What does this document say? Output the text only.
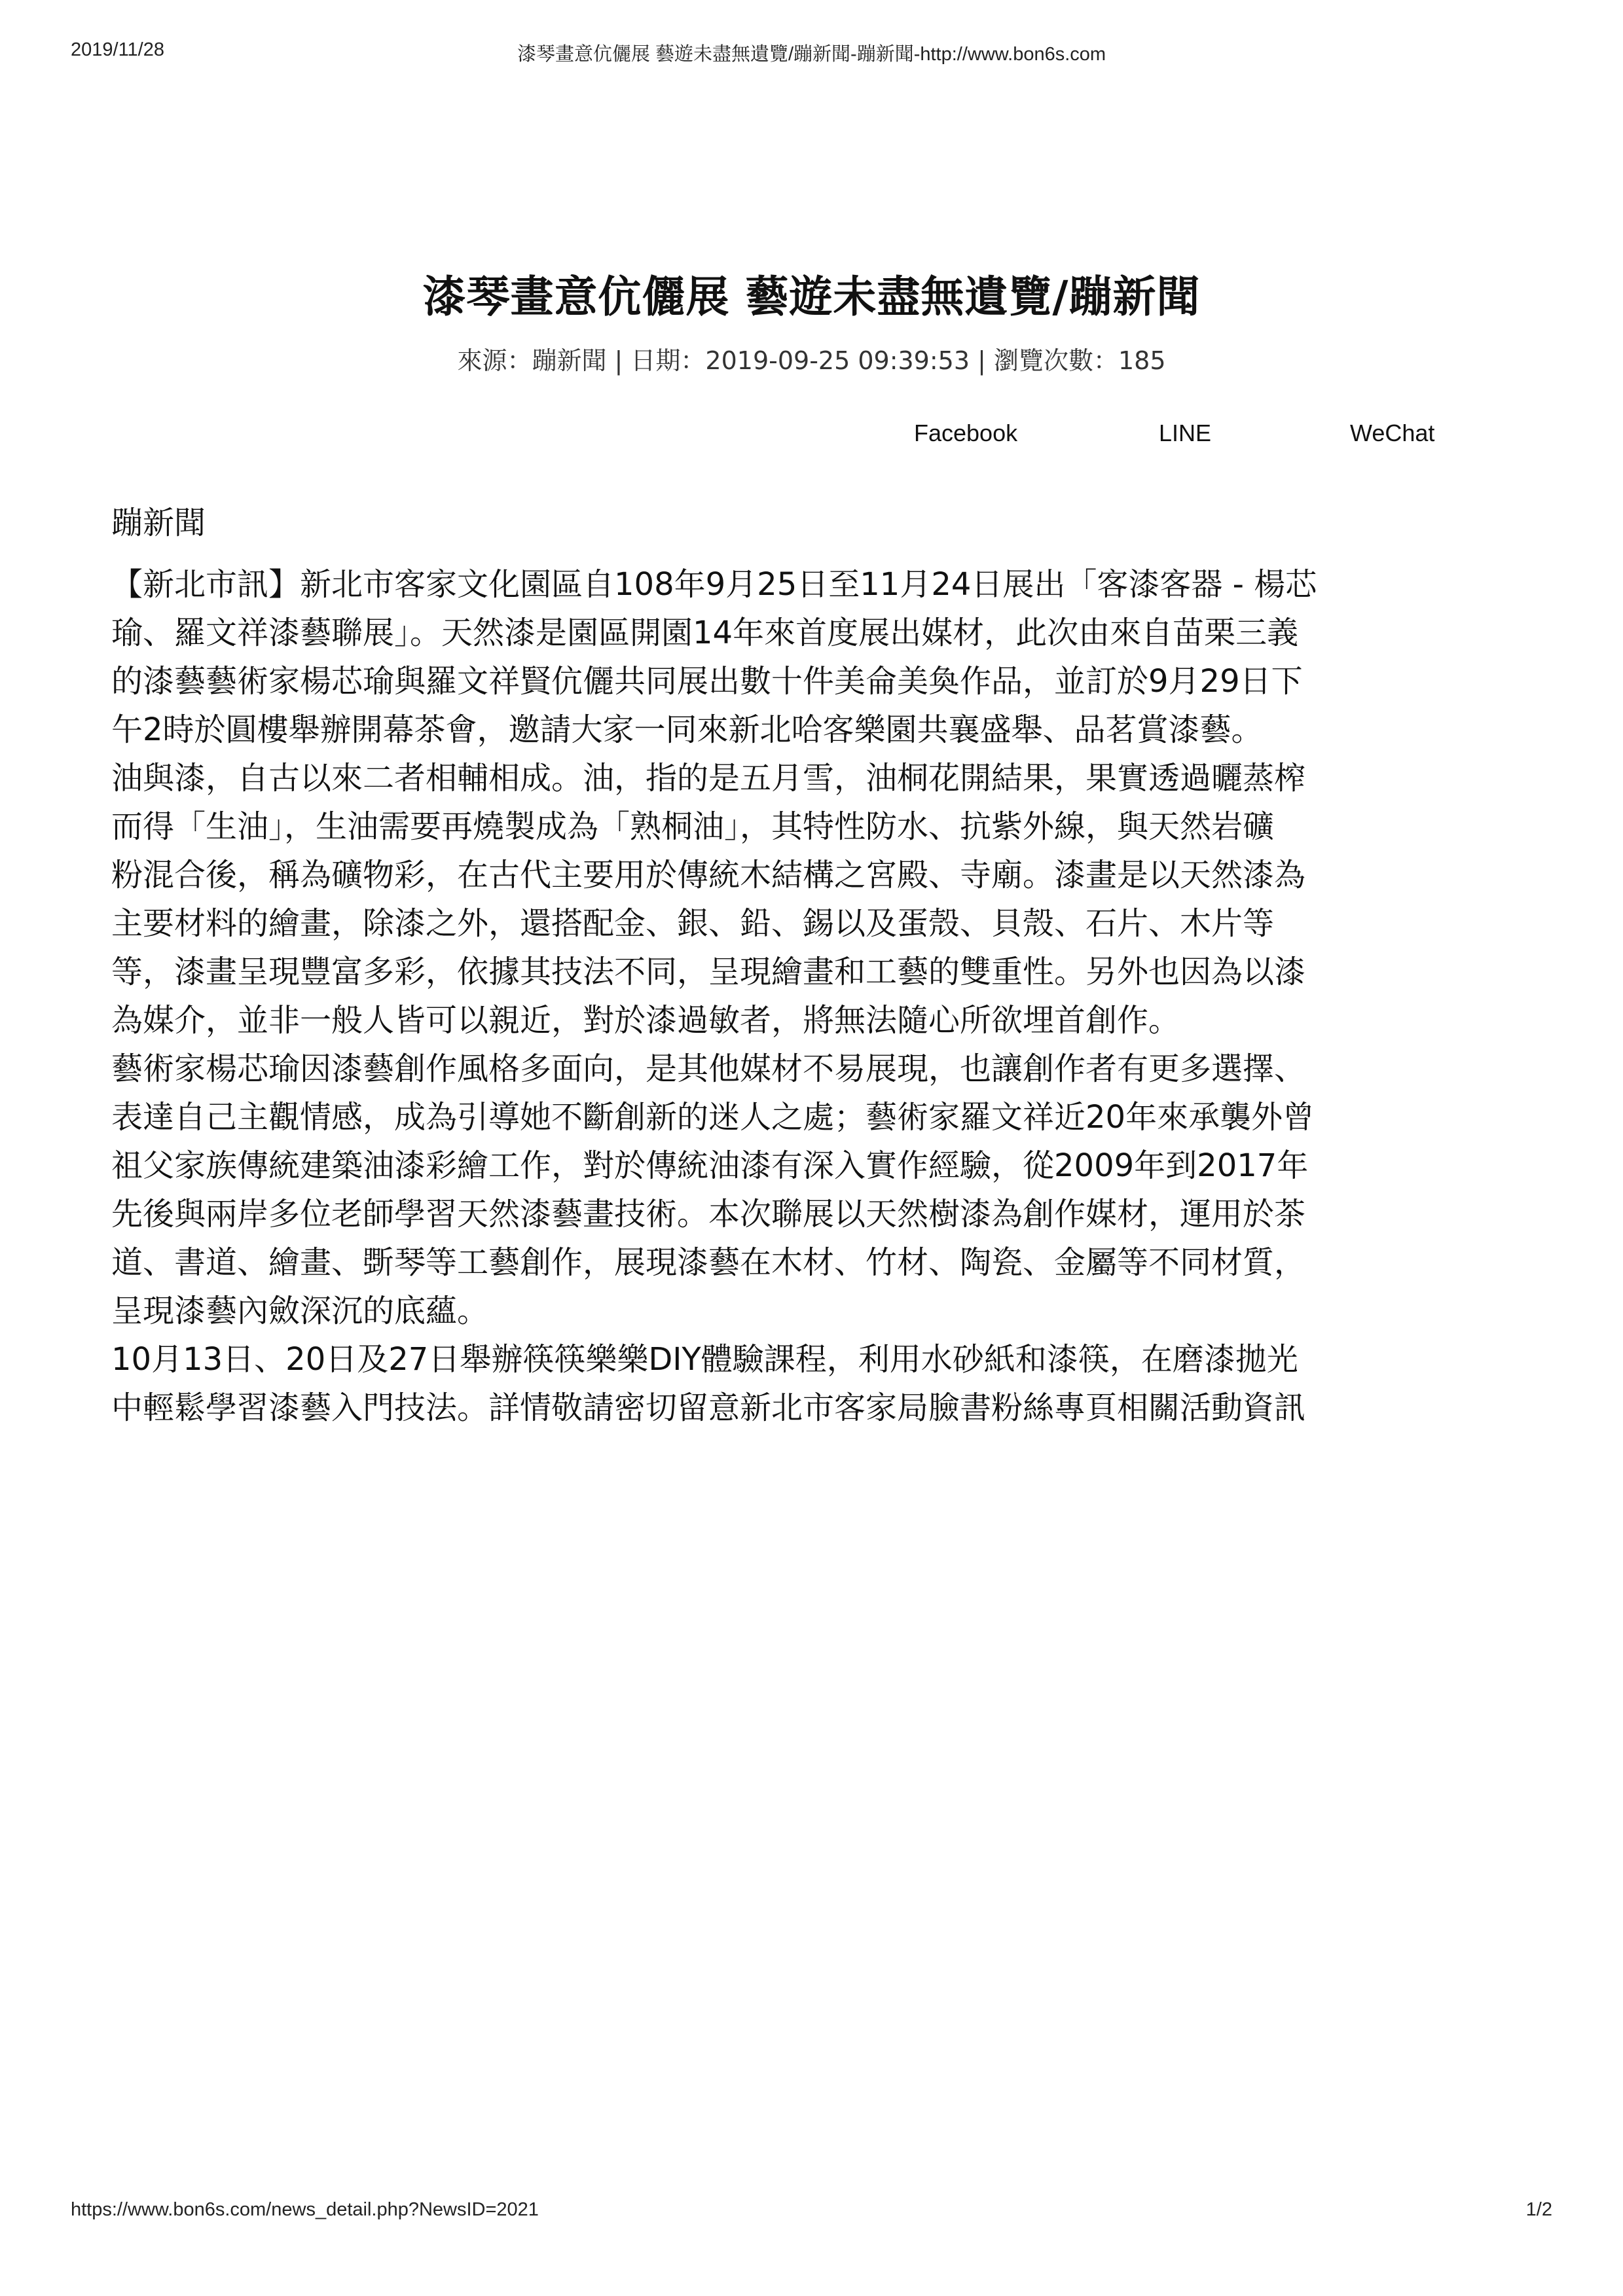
2019/11/28	漆琴畫意伉儷展 藝遊未盡無遺覽/蹦新聞-蹦新聞-http://www.bon6s.com
漆琴畫意伉儷展 藝遊未盡無遺覽/蹦新聞
來源：蹦新聞 | 日期：2019-09-25 09:39:53 | 瀏覽次數：185
Facebook	LINE	WeChat
蹦新聞
【新北市訊】新北市客家文化園區自108年9月25日至11月24日展出「客漆客器 - 楊芯
瑜、羅文祥漆藝聯展」。天然漆是園區開園14年來首度展出媒材，此次由來自苗栗三義
的漆藝藝術家楊芯瑜與羅文祥賢伉儷共同展出數十件美侖美奐作品，並訂於9月29日下
午2時於圓樓舉辦開幕茶會，邀請大家一同來新北哈客樂園共襄盛舉、品茗賞漆藝。
油與漆，自古以來二者相輔相成。油，指的是五月雪，油桐花開結果，果實透過曬蒸榨
而得「生油」，生油需要再燒製成為「熟桐油」，其特性防水、抗紫外線，與天然岩礦
粉混合後，稱為礦物彩，在古代主要用於傳統木結構之宮殿、寺廟。漆畫是以天然漆為
主要材料的繪畫，除漆之外，還搭配金、銀、鉛、錫以及蛋殼、貝殼、石片、木片等
等，漆畫呈現豐富多彩，依據其技法不同，呈現繪畫和工藝的雙重性。另外也因為以漆
為媒介，並非一般人皆可以親近，對於漆過敏者，將無法隨心所欲埋首創作。
藝術家楊芯瑜因漆藝創作風格多面向，是其他媒材不易展現，也讓創作者有更多選擇、
表達自己主觀情感，成為引導她不斷創新的迷人之處；藝術家羅文祥近20年來承襲外曾
祖父家族傳統建築油漆彩繪工作，對於傳統油漆有深入實作經驗，從2009年到2017年
先後與兩岸多位老師學習天然漆藝畫技術。本次聯展以天然樹漆為創作媒材，運用於茶
道、書道、繪畫、斲琴等工藝創作，展現漆藝在木材、竹材、陶瓷、金屬等不同材質，
呈現漆藝內斂深沉的底蘊。
10月13日、20日及27日舉辦筷筷樂樂DIY體驗課程，利用水砂紙和漆筷，在磨漆拋光
中輕鬆學習漆藝入門技法。詳情敬請密切留意新北市客家局臉書粉絲專頁相關活動資訊
https://www.bon6s.com/news_detail.php?NewsID=2021	1/2
